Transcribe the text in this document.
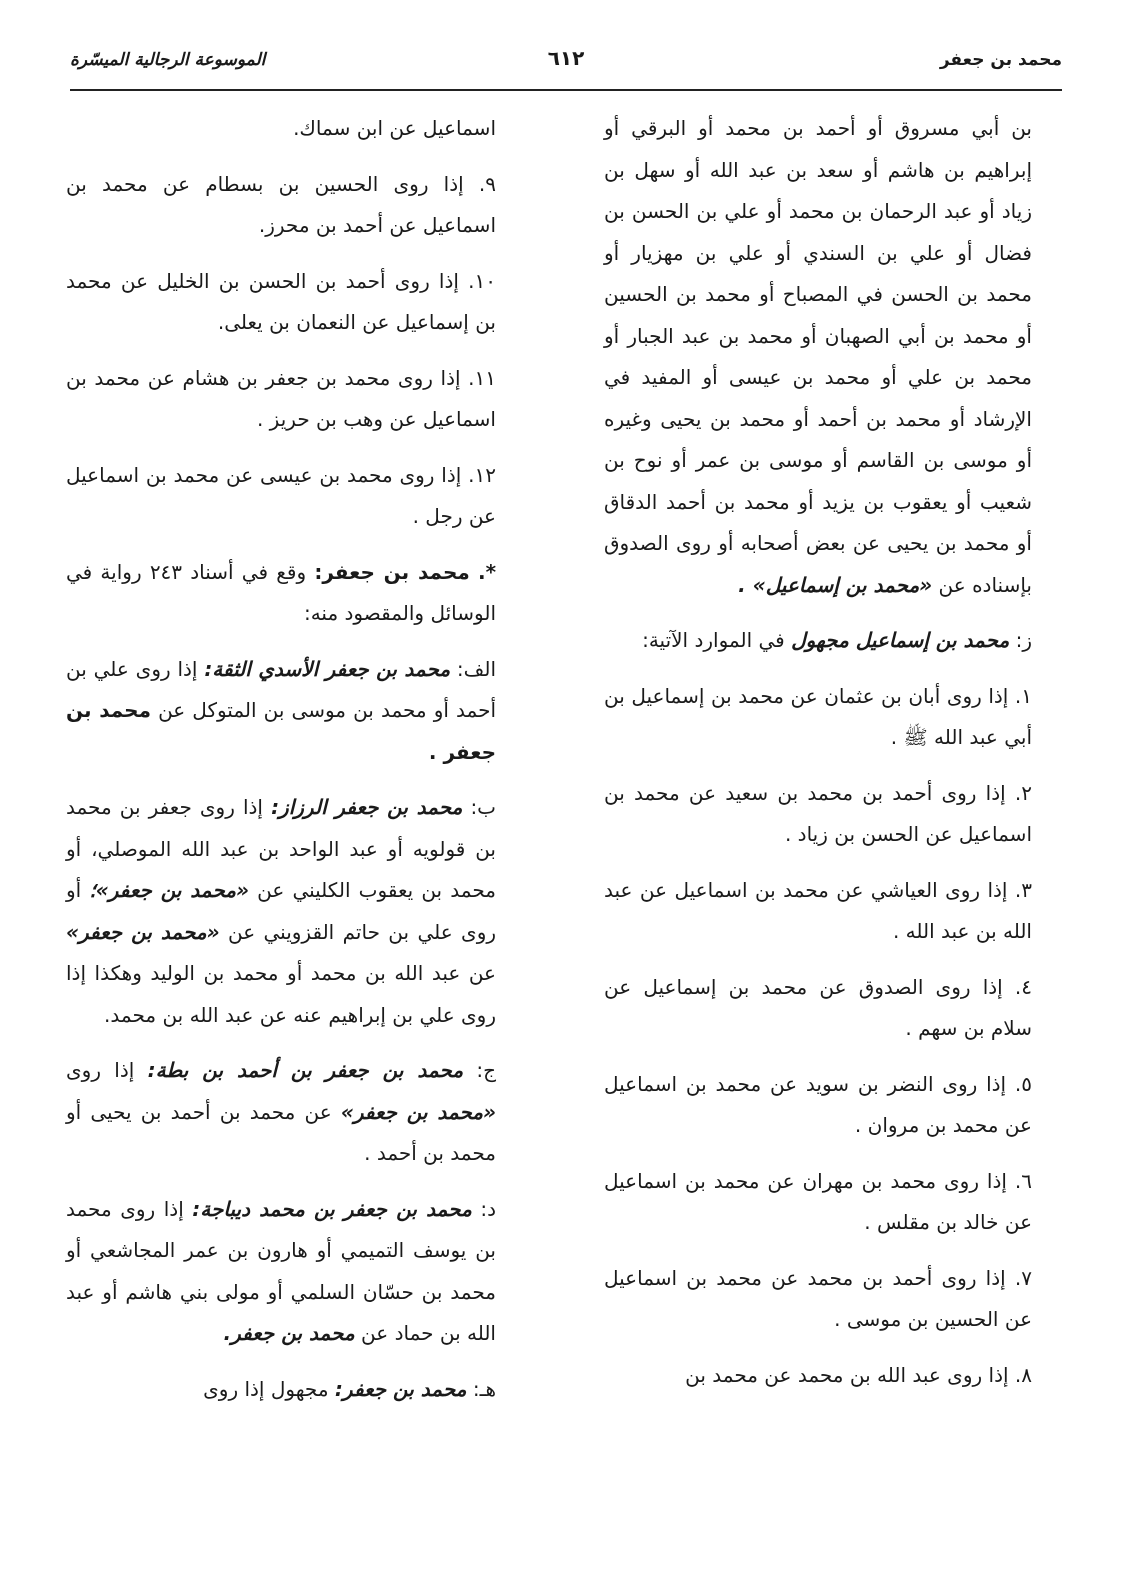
محمد بن جعفر
٦١٢
الموسوعة الرجالية الميسّرة

بن أبي مسروق أو أحمد بن محمد أو البرقي أو إبراهيم بن هاشم أو سعد بن عبد الله أو سهل بن زياد أو عبد الرحمان بن محمد أو علي بن الحسن بن فضال أو علي بن السندي أو علي بن مهزيار أو محمد بن الحسن في المصباح أو محمد بن الحسين أو محمد بن أبي الصهبان أو محمد بن عبد الجبار أو محمد بن علي أو محمد بن عيسى أو المفيد في الإرشاد أو محمد بن أحمد أو محمد بن يحيى وغيره أو موسى بن القاسم أو موسى بن عمر أو نوح بن شعيب أو يعقوب بن يزيد أو محمد بن أحمد الدقاق أو محمد بن يحيى عن بعض أصحابه أو روى الصدوق بإسناده عن «محمد بن إسماعيل» .

ز: محمد بن إسماعيل مجهول في الموارد الآتية:

١. إذا روى أبان بن عثمان عن محمد بن إسماعيل بن أبي عبد الله ﷺ .

٢. إذا روى أحمد بن محمد بن سعيد عن محمد بن اسماعيل عن الحسن بن زياد .

٣. إذا روى العياشي عن محمد بن اسماعيل عن عبد الله بن عبد الله .

٤. إذا روى الصدوق عن محمد بن إسماعيل عن سلام بن سهم .

٥. إذا روى النضر بن سويد عن محمد بن اسماعيل عن محمد بن مروان .

٦. إذا روى محمد بن مهران عن محمد بن اسماعيل عن خالد بن مقلس .

٧. إذا روى أحمد بن محمد عن محمد بن اسماعيل عن الحسين بن موسى .

٨. إذا روى عبد الله بن محمد عن محمد بن

اسماعيل عن ابن سماك.

٩. إذا روى الحسين بن بسطام عن محمد بن اسماعيل عن أحمد بن محرز.

١٠. إذا روى أحمد بن الحسن بن الخليل عن محمد بن إسماعيل عن النعمان بن يعلى.

١١. إذا روى محمد بن جعفر بن هشام عن محمد بن اسماعيل عن وهب بن حريز .

١٢. إذا روى محمد بن عيسى عن محمد بن اسماعيل عن رجل .

*. محمد بن جعفر: وقع في أسناد ٢٤٣ رواية في الوسائل والمقصود منه:

الف: محمد بن جعفر الأسدي الثقة: إذا روى علي بن أحمد أو محمد بن موسى بن المتوكل عن محمد بن جعفر .

ب: محمد بن جعفر الرزاز: إذا روى جعفر بن محمد بن قولويه أو عبد الواحد بن عبد الله الموصلي، أو محمد بن يعقوب الكليني عن «محمد بن جعفر»؛ أو روى علي بن حاتم القزويني عن «محمد بن جعفر» عن عبد الله بن محمد أو محمد بن الوليد وهكذا إذا روى علي بن إبراهيم عنه عن عبد الله بن محمد.

ج: محمد بن جعفر بن أحمد بن بطة: إذا روى «محمد بن جعفر» عن محمد بن أحمد بن يحيى أو محمد بن أحمد .

د: محمد بن جعفر بن محمد ديباجة: إذا روى محمد بن يوسف التميمي أو هارون بن عمر المجاشعي أو محمد بن حسّان السلمي أو مولى بني هاشم أو عبد الله بن حماد عن محمد بن جعفر.

هـ: محمد بن جعفر: مجهول إذا روى
